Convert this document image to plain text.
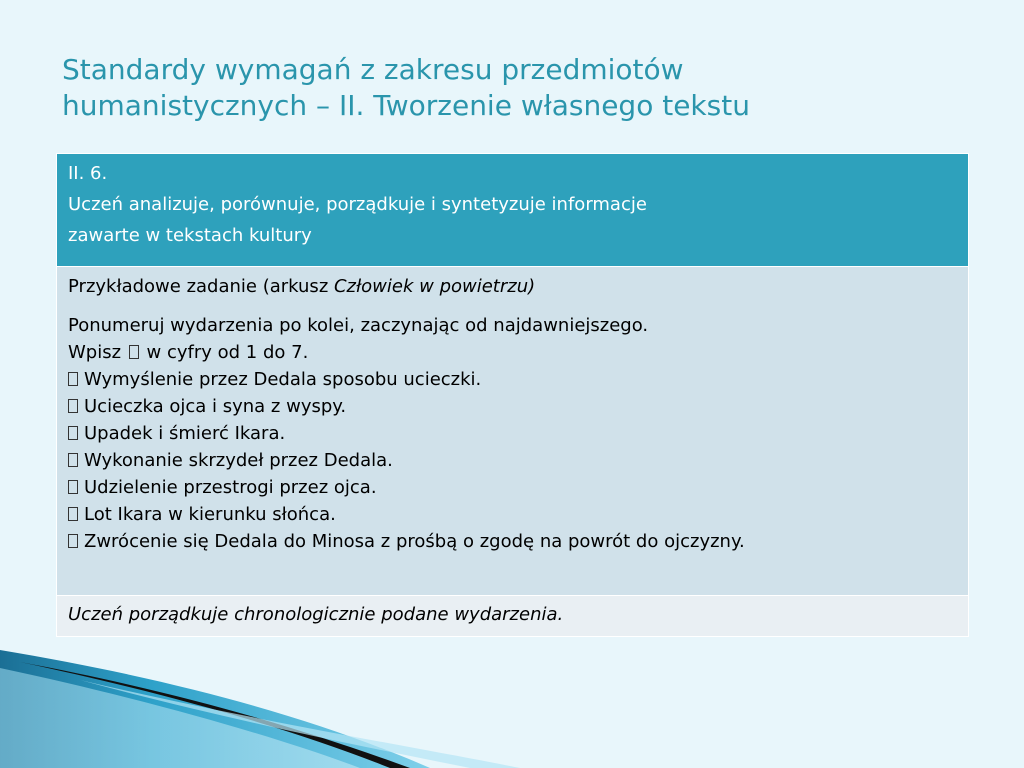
Standardy wymagań z zakresu przedmiotów
humanistycznych – II. Tworzenie własnego tekstu
II. 6.
Uczeń analizuje, porównuje, porządkuje i syntetyzuje informacje
zawarte w tekstach kultury

Przykładowe zadanie (arkusz Człowiek w powietrzu)

Ponumeruj wydarzenia po kolei, zaczynając od najdawniejszego.

Wpisz w cyfry od 1 do 7.

Wymyślenie przez Dedala sposobu ucieczki.
Ucieczka ojca i syna z wyspy.
Upadek i śmierć Ikara.
Wykonanie skrzydeł przez Dedala.
Udzielenie przestrogi przez ojca.
Lot Ikara w kierunku słońca.
Zwrócenie się Dedala do Minosa z prośbą o zgodę na powrót do ojczyzny.

Uczeń porządkuje chronologicznie podane wydarzenia.
